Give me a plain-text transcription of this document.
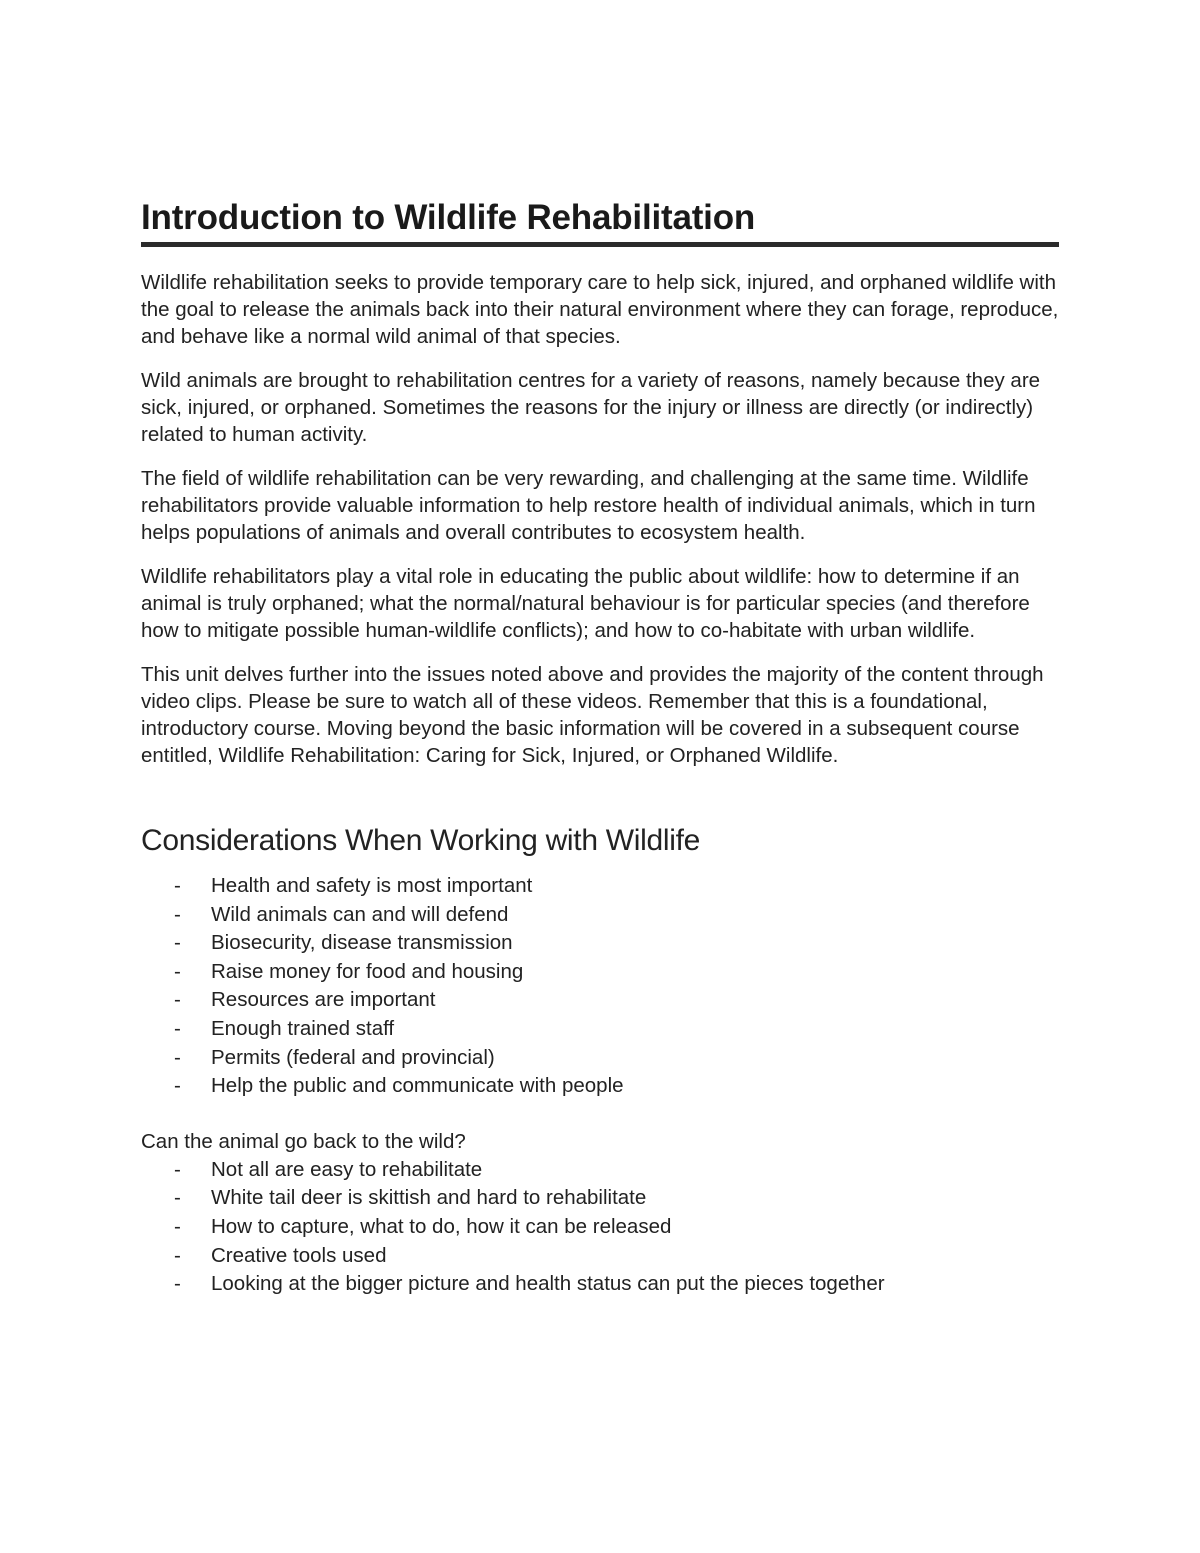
Introduction to Wildlife Rehabilitation

Wildlife rehabilitation seeks to provide temporary care to help sick, injured, and orphaned wildlife with the goal to release the animals back into their natural environment where they can forage, reproduce, and behave like a normal wild animal of that species.

Wild animals are brought to rehabilitation centres for a variety of reasons, namely because they are sick, injured, or orphaned. Sometimes the reasons for the injury or illness are directly (or indirectly) related to human activity.

The field of wildlife rehabilitation can be very rewarding, and challenging at the same time. Wildlife rehabilitators provide valuable information to help restore health of individual animals, which in turn helps populations of animals and overall contributes to ecosystem health.

Wildlife rehabilitators play a vital role in educating the public about wildlife: how to determine if an animal is truly orphaned; what the normal/natural behaviour is for particular species (and therefore how to mitigate possible human-wildlife conflicts); and how to co-habitate with urban wildlife.

This unit delves further into the issues noted above and provides the majority of the content through video clips. Please be sure to watch all of these videos. Remember that this is a foundational, introductory course. Moving beyond the basic information will be covered in a subsequent course entitled, Wildlife Rehabilitation: Caring for Sick, Injured, or Orphaned Wildlife.

Considerations When Working with Wildlife
- Health and safety is most important
- Wild animals can and will defend
- Biosecurity, disease transmission
- Raise money for food and housing
- Resources are important
- Enough trained staff
- Permits (federal and provincial)
- Help the public and communicate with people

Can the animal go back to the wild?

- Not all are easy to rehabilitate
- White tail deer is skittish and hard to rehabilitate
- How to capture, what to do, how it can be released
- Creative tools used
- Looking at the bigger picture and health status can put the pieces together
